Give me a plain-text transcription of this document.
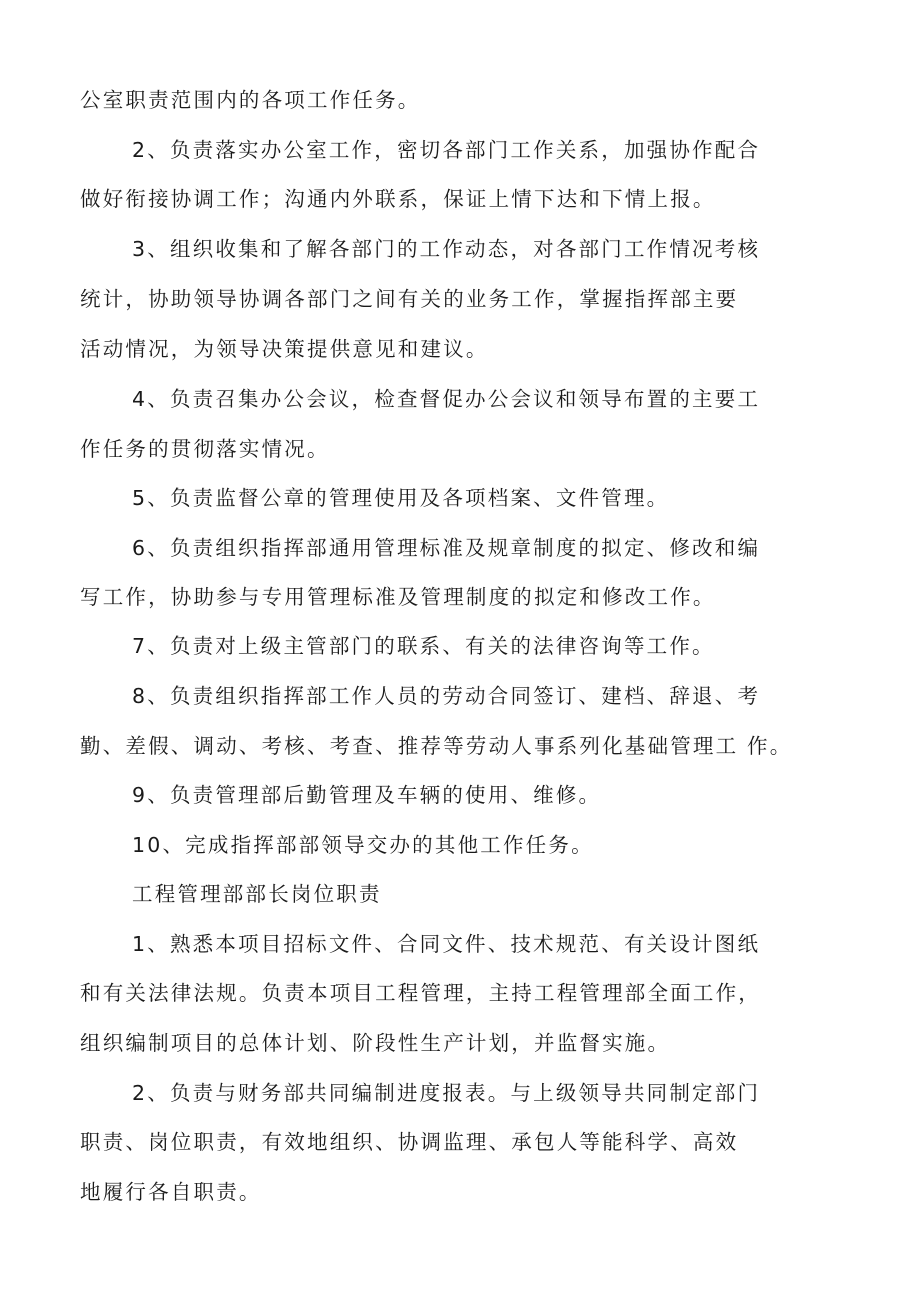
公室职责范围内的各项工作任务。
2、负责落实办公室工作，密切各部门工作关系，加强协作配合
做好衔接协调工作；沟通内外联系，保证上情下达和下情上报。
3、组织收集和了解各部门的工作动态，对各部门工作情况考核
统计，协助领导协调各部门之间有关的业务工作，掌握指挥部主要
活动情况，为领导决策提供意见和建议。
4、负责召集办公会议，检查督促办公会议和领导布置的主要工
作任务的贯彻落实情况。
5、负责监督公章的管理使用及各项档案、文件管理。
6、负责组织指挥部通用管理标准及规章制度的拟定、修改和编
写工作，协助参与专用管理标准及管理制度的拟定和修改工作。
7、负责对上级主管部门的联系、有关的法律咨询等工作。
8、负责组织指挥部工作人员的劳动合同签订、建档、辞退、考
勤、差假、调动、考核、考查、推荐等劳动人事系列化基础管理工 作。
9、负责管理部后勤管理及车辆的使用、维修。
10、完成指挥部部领导交办的其他工作任务。
工程管理部部长岗位职责
1、熟悉本项目招标文件、合同文件、技术规范、有关设计图纸
和有关法律法规。负责本项目工程管理，主持工程管理部全面工作，
组织编制项目的总体计划、阶段性生产计划，并监督实施。
2、负责与财务部共同编制进度报表。与上级领导共同制定部门
职责、岗位职责，有效地组织、协调监理、承包人等能科学、高效
地履行各自职责。
